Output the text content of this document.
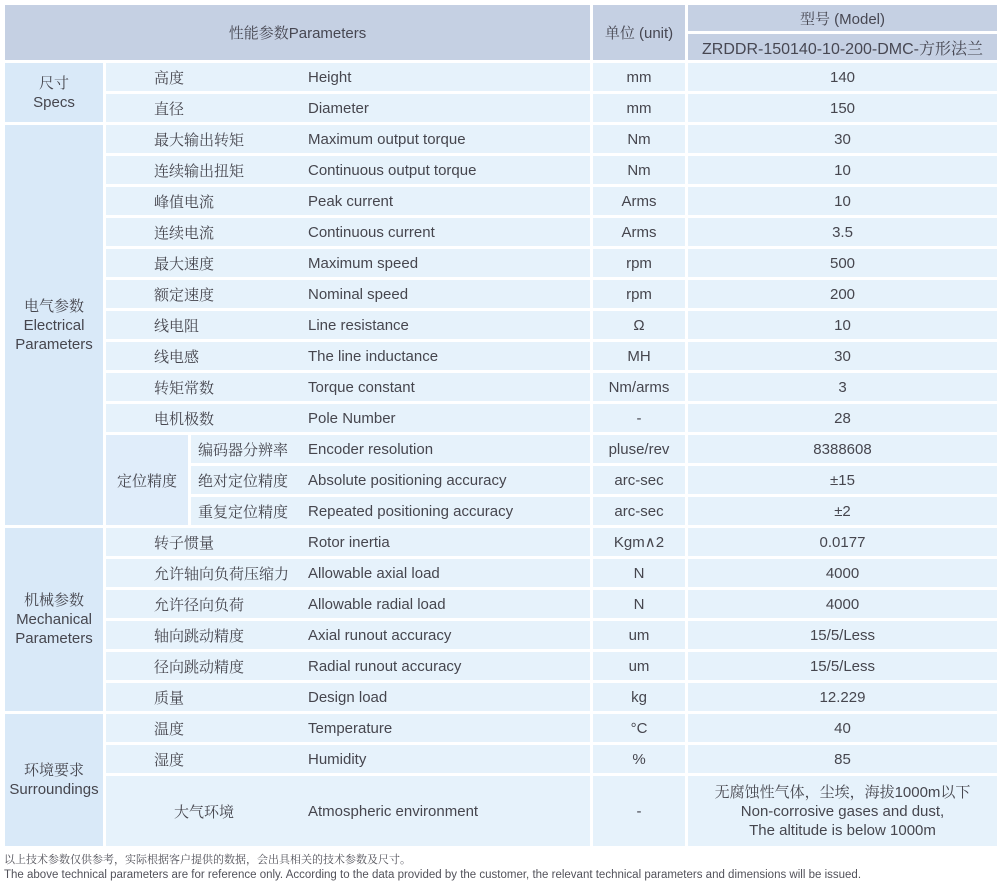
性能参数Parameters			单位 (unit)	型号 (Model)
				ZRDDR-150140-10-200-DMC-方形法兰

尺寸
Specs	高度 Height		mm	140
	直径 Diameter		mm	150

电气参数
Electrical
Parameters	最大输出转矩 Maximum output torque		Nm	30
	连续输出扭矩 Continuous output torque		Nm	10
	峰值电流 Peak current		Arms	10
	连续电流 Continuous current		Arms	3.5
	最大速度 Maximum speed		rpm	500
	额定速度 Nominal speed		rpm	200
	线电阻 Line resistance		Ω	10
	线电感 The line inductance		MH	30
	转矩常数 Torque constant		Nm/arms	3
	电机极数 Pole Number		-	28
	定位精度	编码器分辨率 Encoder resolution	pluse/rev	8388608
		绝对定位精度 Absolute positioning accuracy	arc-sec	±15
		重复定位精度 Repeated positioning accuracy	arc-sec	±2

机械参数
Mechanical
Parameters	转子惯量 Rotor inertia		Kgm∧2	0.0177
	允许轴向负荷压缩力 Allowable axial load		N	4000
	允许径向负荷 Allowable radial load		N	4000
	轴向跳动精度 Axial runout accuracy		um	15/5/Less
	径向跳动精度 Radial runout accuracy		um	15/5/Less
	质量 Design load		kg	12.229

环境要求
Surroundings	温度 Temperature		°C	40
	湿度 Humidity		%	85
	大气环境 Atmospheric environment		-	无腐蚀性气体，尘埃，海拔1000m以下
Non-corrosive gases and dust,
The altitude is below 1000m
以上技术参数仅供参考，实际根据客户提供的数据，会出具相关的技术参数及尺寸。
The above technical parameters are for reference only. According to the data provided by the customer, the relevant technical parameters and dimensions will be issued.
